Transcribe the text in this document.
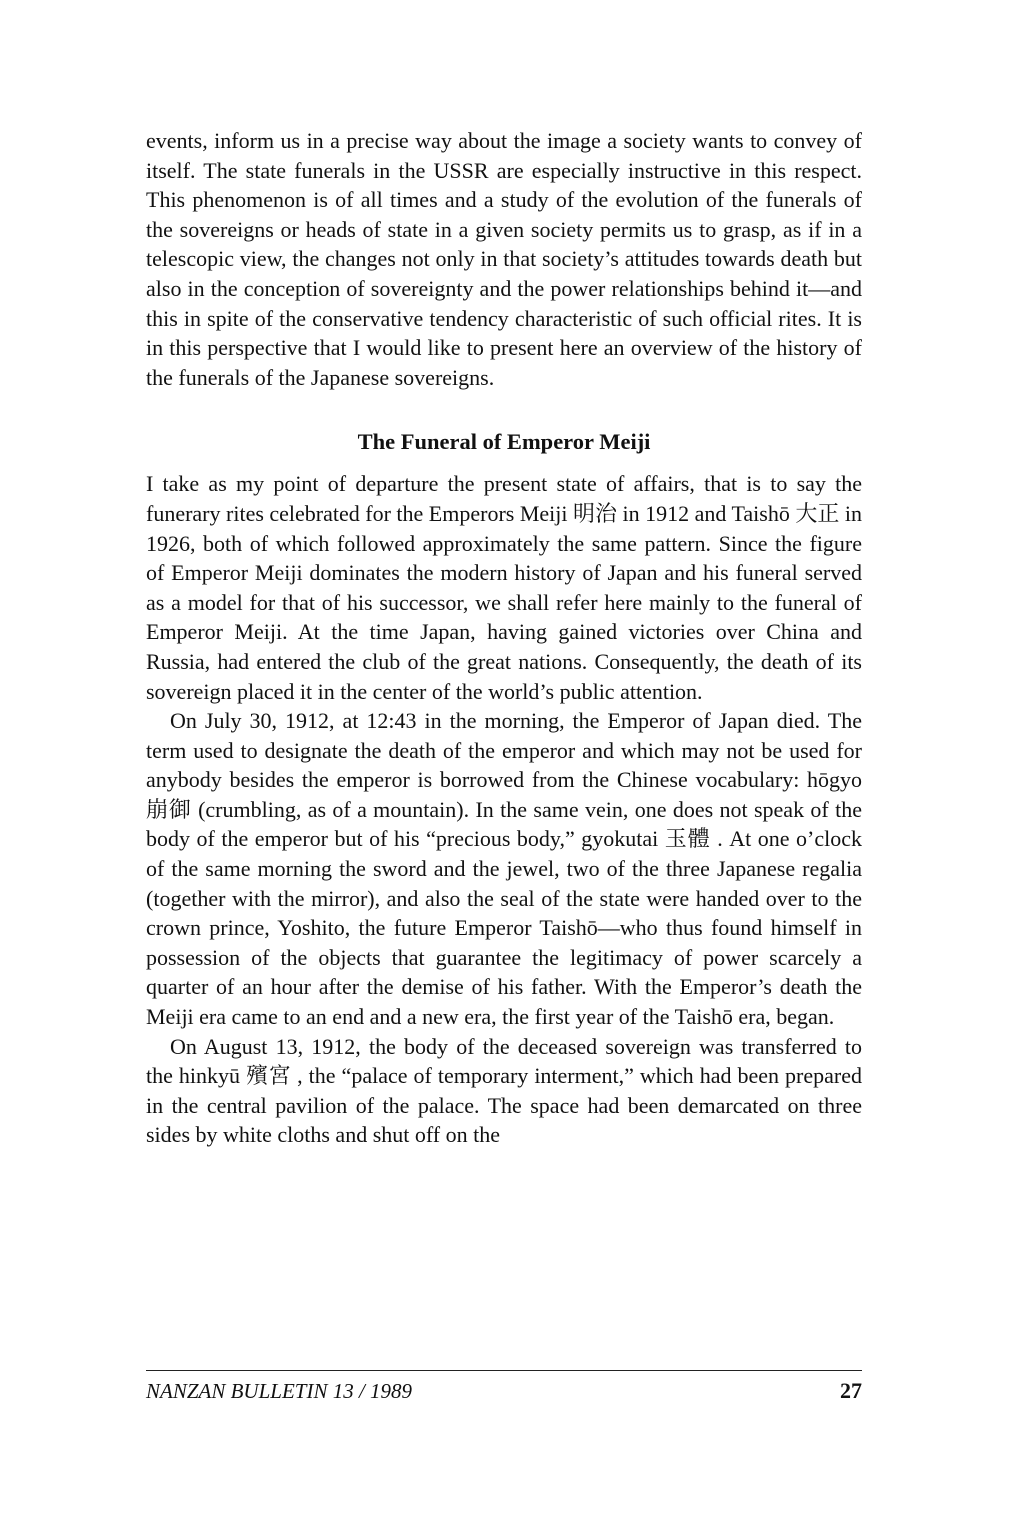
events, inform us in a precise way about the image a society wants to convey of itself. The state funerals in the USSR are especially instructive in this respect. This phenomenon is of all times and a study of the evolution of the funerals of the sovereigns or heads of state in a given society permits us to grasp, as if in a telescopic view, the changes not only in that society’s attitudes towards death but also in the conception of sovereignty and the power relationships behind it—and this in spite of the conservative tendency characteristic of such official rites. It is in this perspective that I would like to present here an overview of the history of the funerals of the Japanese sovereigns.

The Funeral of Emperor Meiji

I take as my point of departure the present state of affairs, that is to say the funerary rites celebrated for the Emperors Meiji 明治 in 1912 and Taishō 大正 in 1926, both of which followed approximately the same pattern. Since the figure of Emperor Meiji dominates the modern history of Japan and his funeral served as a model for that of his successor, we shall refer here mainly to the funeral of Emperor Meiji. At the time Japan, having gained victories over China and Russia, had entered the club of the great nations. Consequently, the death of its sovereign placed it in the center of the world’s public attention.

On July 30, 1912, at 12:43 in the morning, the Emperor of Japan died. The term used to designate the death of the emperor and which may not be used for anybody besides the emperor is borrowed from the Chinese vocabulary: hōgyo 崩御 (crumbling, as of a mountain). In the same vein, one does not speak of the body of the emperor but of his “precious body,” gyokutai 玉體 . At one o’clock of the same morning the sword and the jewel, two of the three Japanese regalia (together with the mirror), and also the seal of the state were handed over to the crown prince, Yoshito, the future Emperor Taishō—who thus found himself in possession of the objects that guarantee the legitimacy of power scarcely a quarter of an hour after the demise of his father. With the Emperor’s death the Meiji era came to an end and a new era, the first year of the Taishō era, began.

On August 13, 1912, the body of the deceased sovereign was transferred to the hinkyū 殯宮 , the “palace of temporary interment,” which had been prepared in the central pavilion of the palace. The space had been demarcated on three sides by white cloths and shut off on the

NANZAN BULLETIN 13 / 1989	27
